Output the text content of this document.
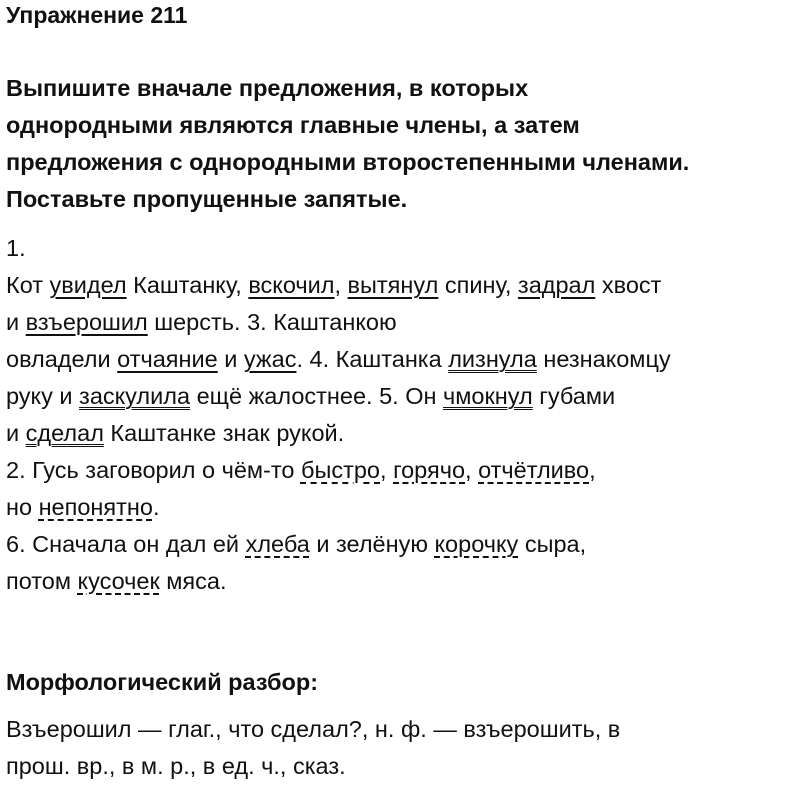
Упражнение 211
Выпишите вначале предложения, в которых
однородными являются главные члены, а затем
предложения с однородными второстепенными членами.
Поставьте пропущенные запятые.
1.
Кот увидел Каштанку, вскочил, вытянул спину, задрал хвост
и взъерошил шерсть. 3. Каштанкою
овладели отчаяние и ужас. 4. Каштанка лизнула незнакомцу
руку и заскулила ещё жалостнее. 5. Он чмокнул губами
и сделал Каштанке знак рукой.
2. Гусь заговорил о чём-то быстро, горячо, отчётливо,
но непонятно.
6. Сначала он дал ей хлеба и зелёную корочку сыра,
потом кусочек мяса.
Морфологический разбор:
Взъерошил — глаг., что сделал?, н. ф. — взъерошить, в
прош. вр., в м. р., в ед. ч., сказ.
